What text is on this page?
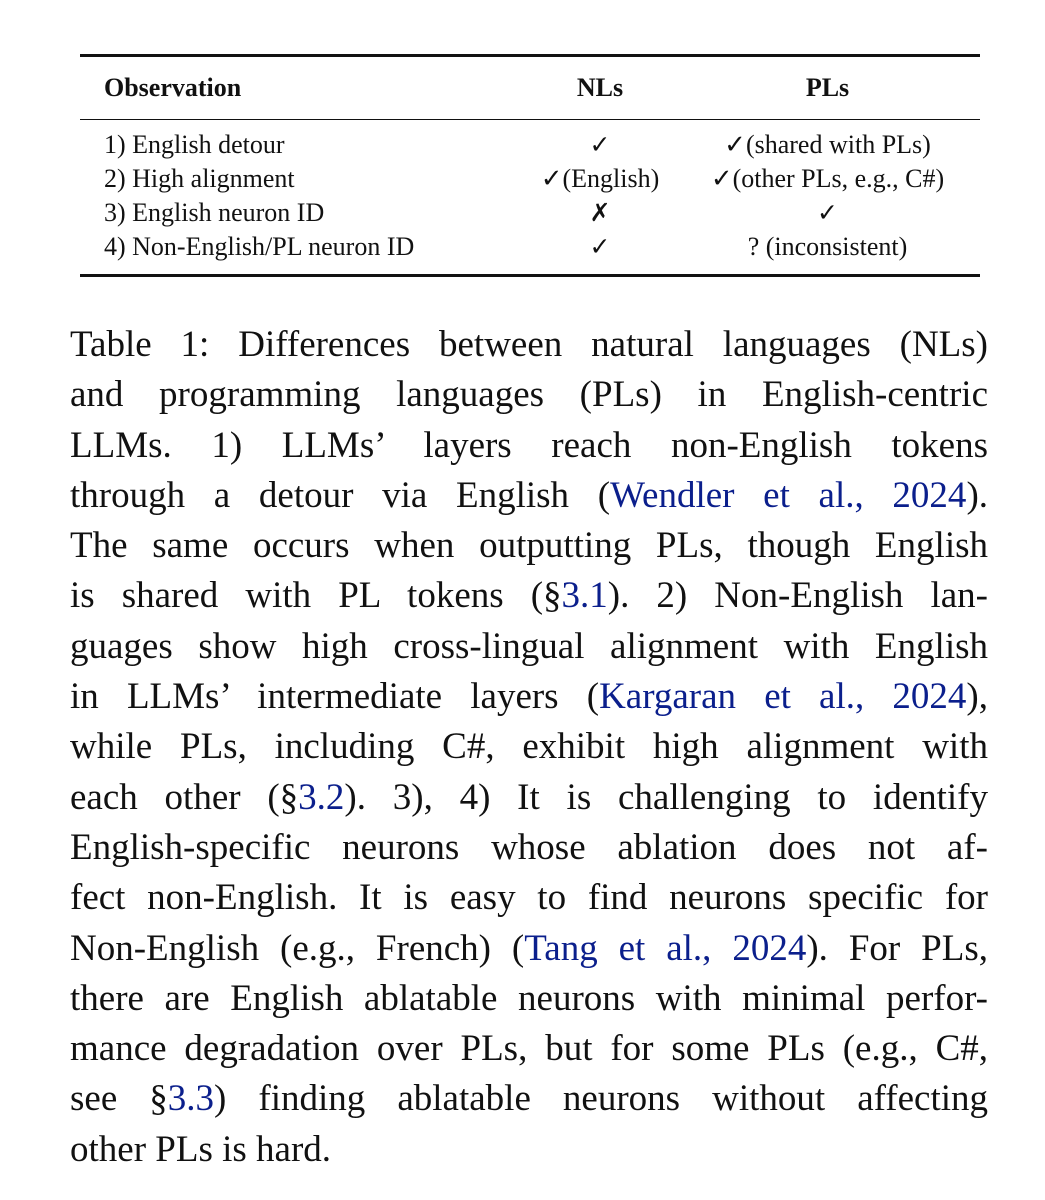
Observation	NLs	PLs
1) English detour	✓	✓(shared with PLs)
2) High alignment	✓(English)	✓(other PLs, e.g., C#)
3) English neuron ID	✗	✓
4) Non-English/PL neuron ID	✓	? (inconsistent)
Table 1: Differences between natural languages (NLs)
and programming languages (PLs) in English-centric
LLMs. 1) LLMs’ layers reach non-English tokens
through a detour via English (Wendler et al., 2024).
The same occurs when outputting PLs, though English
is shared with PL tokens (§3.1). 2) Non-English lan-
guages show high cross-lingual alignment with English
in LLMs’ intermediate layers (Kargaran et al., 2024),
while PLs, including C#, exhibit high alignment with
each other (§3.2). 3), 4) It is challenging to identify
English-specific neurons whose ablation does not af-
fect non-English. It is easy to find neurons specific for
Non-English (e.g., French) (Tang et al., 2024). For PLs,
there are English ablatable neurons with minimal perfor-
mance degradation over PLs, but for some PLs (e.g., C#,
see §3.3) finding ablatable neurons without affecting
other PLs is hard.
